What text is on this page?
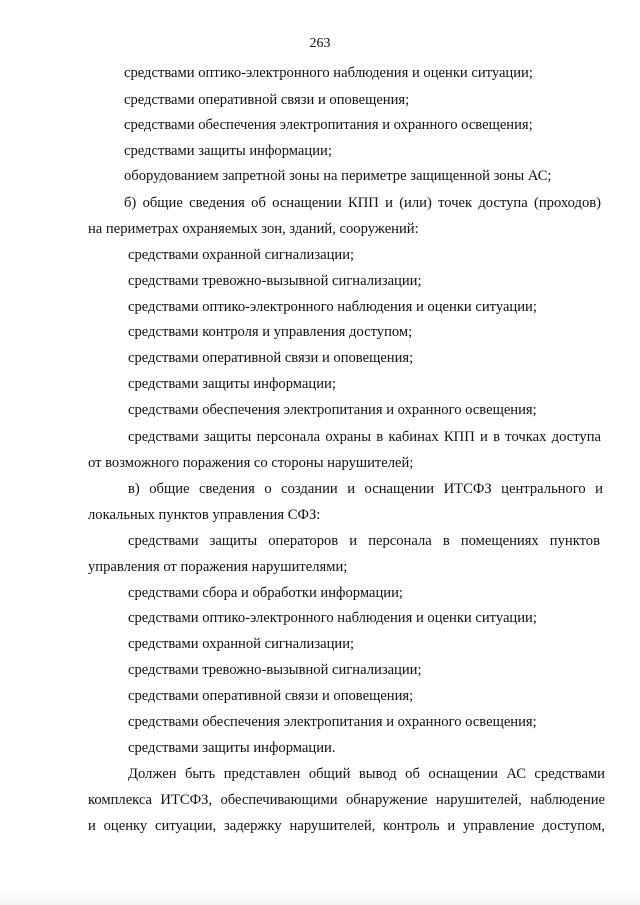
263
средствами оптико-электронного наблюдения и оценки ситуации;
средствами оперативной связи и оповещения;
средствами обеспечения электропитания и охранного освещения;
средствами защиты информации;
оборудованием запретной зоны на периметре защищенной зоны АС;
б) общие сведения об оснащении КПП и (или) точек доступа (проходов)
на периметрах охраняемых зон, зданий, сооружений:
средствами охранной сигнализации;
средствами тревожно-вызывной сигнализации;
средствами оптико-электронного наблюдения и оценки ситуации;
средствами контроля и управления доступом;
средствами оперативной связи и оповещения;
средствами защиты информации;
средствами обеспечения электропитания и охранного освещения;
средствами защиты персонала охраны в кабинах КПП и в точках доступа
от возможного поражения со стороны нарушителей;
в) общие сведения о создании и оснащении ИТСФЗ центрального и
локальных пунктов управления СФЗ:
средствами защиты операторов и персонала в помещениях пунктов
управления от поражения нарушителями;
средствами сбора и обработки информации;
средствами оптико-электронного наблюдения и оценки ситуации;
средствами охранной сигнализации;
средствами тревожно-вызывной сигнализации;
средствами оперативной связи и оповещения;
средствами обеспечения электропитания и охранного освещения;
средствами защиты информации.
Должен быть представлен общий вывод об оснащении АС средствами
комплекса ИТСФЗ, обеспечивающими обнаружение нарушителей, наблюдение
и оценку ситуации, задержку нарушителей, контроль и управление доступом,
